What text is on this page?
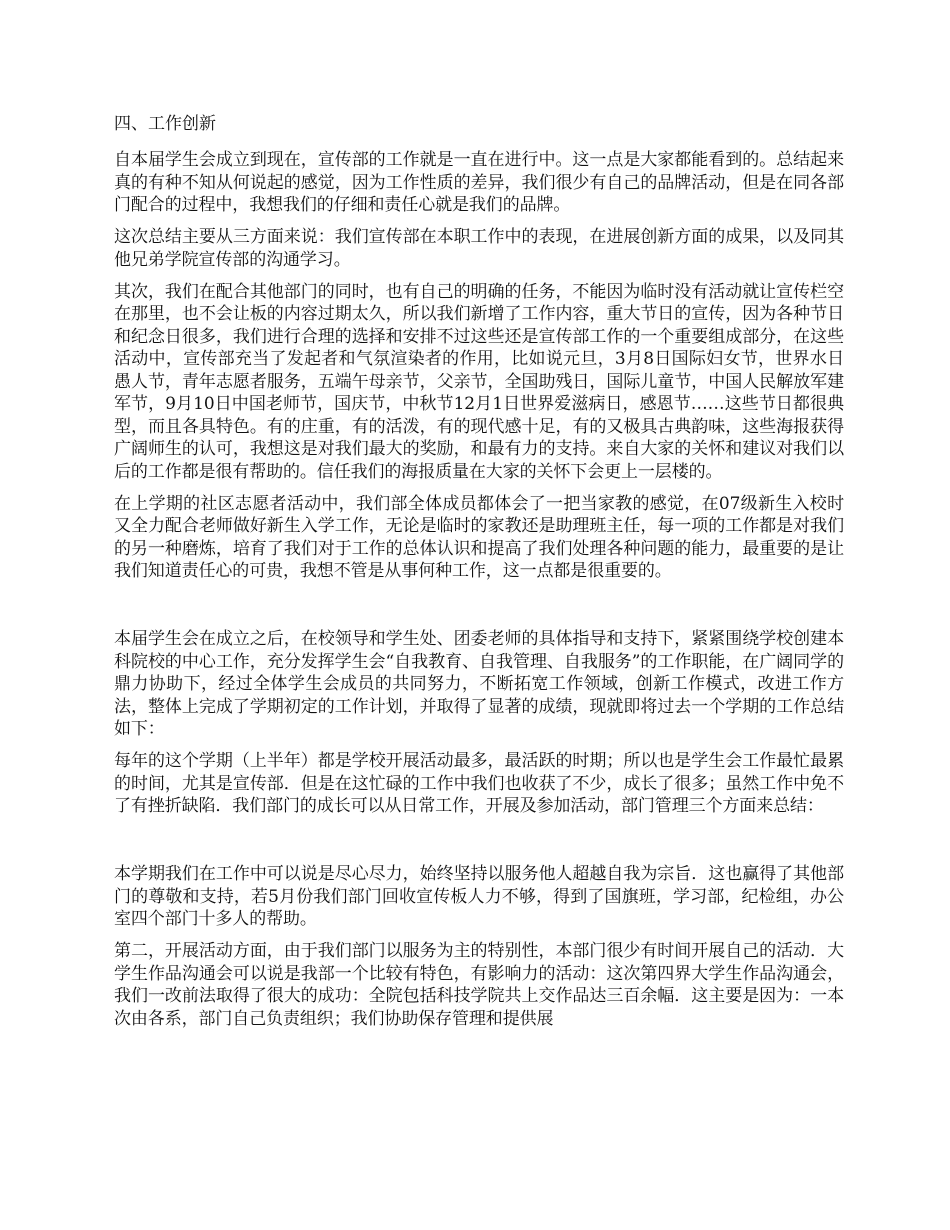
四、工作创新

自本届学生会成立到现在，宣传部的工作就是一直在进行中。这一点是大家都能看到的。总结起来真的有种不知从何说起的感觉，因为工作性质的差异，我们很少有自己的品牌活动，但是在同各部门配合的过程中，我想我们的仔细和责任心就是我们的品牌。

这次总结主要从三方面来说：我们宣传部在本职工作中的表现，在进展创新方面的成果，以及同其他兄弟学院宣传部的沟通学习。

其次，我们在配合其他部门的同时，也有自己的明确的任务，不能因为临时没有活动就让宣传栏空在那里，也不会让板的内容过期太久，所以我们新增了工作内容，重大节日的宣传，因为各种节日和纪念日很多，我们进行合理的选择和安排不过这些还是宣传部工作的一个重要组成部分，在这些活动中，宣传部充当了发起者和气氛渲染者的作用，比如说元旦，3月8日国际妇女节，世界水日愚人节，青年志愿者服务，五端午母亲节，父亲节，全国助残日，国际儿童节，中国人民解放军建军节，9月10日中国老师节，国庆节，中秋节12月1日世界爱滋病日，感恩节……这些节日都很典型，而且各具特色。有的庄重，有的活泼，有的现代感十足，有的又极具古典韵味，这些海报获得广阔师生的认可，我想这是对我们最大的奖励，和最有力的支持。来自大家的关怀和建议对我们以后的工作都是很有帮助的。信任我们的海报质量在大家的关怀下会更上一层楼的。

在上学期的社区志愿者活动中，我们部全体成员都体会了一把当家教的感觉，在07级新生入校时又全力配合老师做好新生入学工作，无论是临时的家教还是助理班主任，每一项的工作都是对我们的另一种磨炼，培育了我们对于工作的总体认识和提高了我们处理各种问题的能力，最重要的是让我们知道责任心的可贵，我想不管是从事何种工作，这一点都是很重要的。

本届学生会在成立之后，在校领导和学生处、团委老师的具体指导和支持下，紧紧围绕学校创建本科院校的中心工作，充分发挥学生会“自我教育、自我管理、自我服务”的工作职能，在广阔同学的鼎力协助下，经过全体学生会成员的共同努力，不断拓宽工作领域，创新工作模式，改进工作方法，整体上完成了学期初定的工作计划，并取得了显著的成绩，现就即将过去一个学期的工作总结如下：

每年的这个学期（上半年）都是学校开展活动最多，最活跃的时期；所以也是学生会工作最忙最累的时间，尤其是宣传部．但是在这忙碌的工作中我们也收获了不少，成长了很多；虽然工作中免不了有挫折缺陷．我们部门的成长可以从日常工作，开展及参加活动，部门管理三个方面来总结：

本学期我们在工作中可以说是尽心尽力，始终坚持以服务他人超越自我为宗旨．这也赢得了其他部门的尊敬和支持，若5月份我们部门回收宣传板人力不够，得到了国旗班，学习部，纪检组，办公室四个部门十多人的帮助。

第二，开展活动方面，由于我们部门以服务为主的特别性，本部门很少有时间开展自己的活动．大学生作品沟通会可以说是我部一个比较有特色，有影响力的活动：这次第四界大学生作品沟通会，我们一改前法取得了很大的成功：全院包括科技学院共上交作品达三百余幅．这主要是因为：一本次由各系，部门自己负责组织；我们协助保存管理和提供展
